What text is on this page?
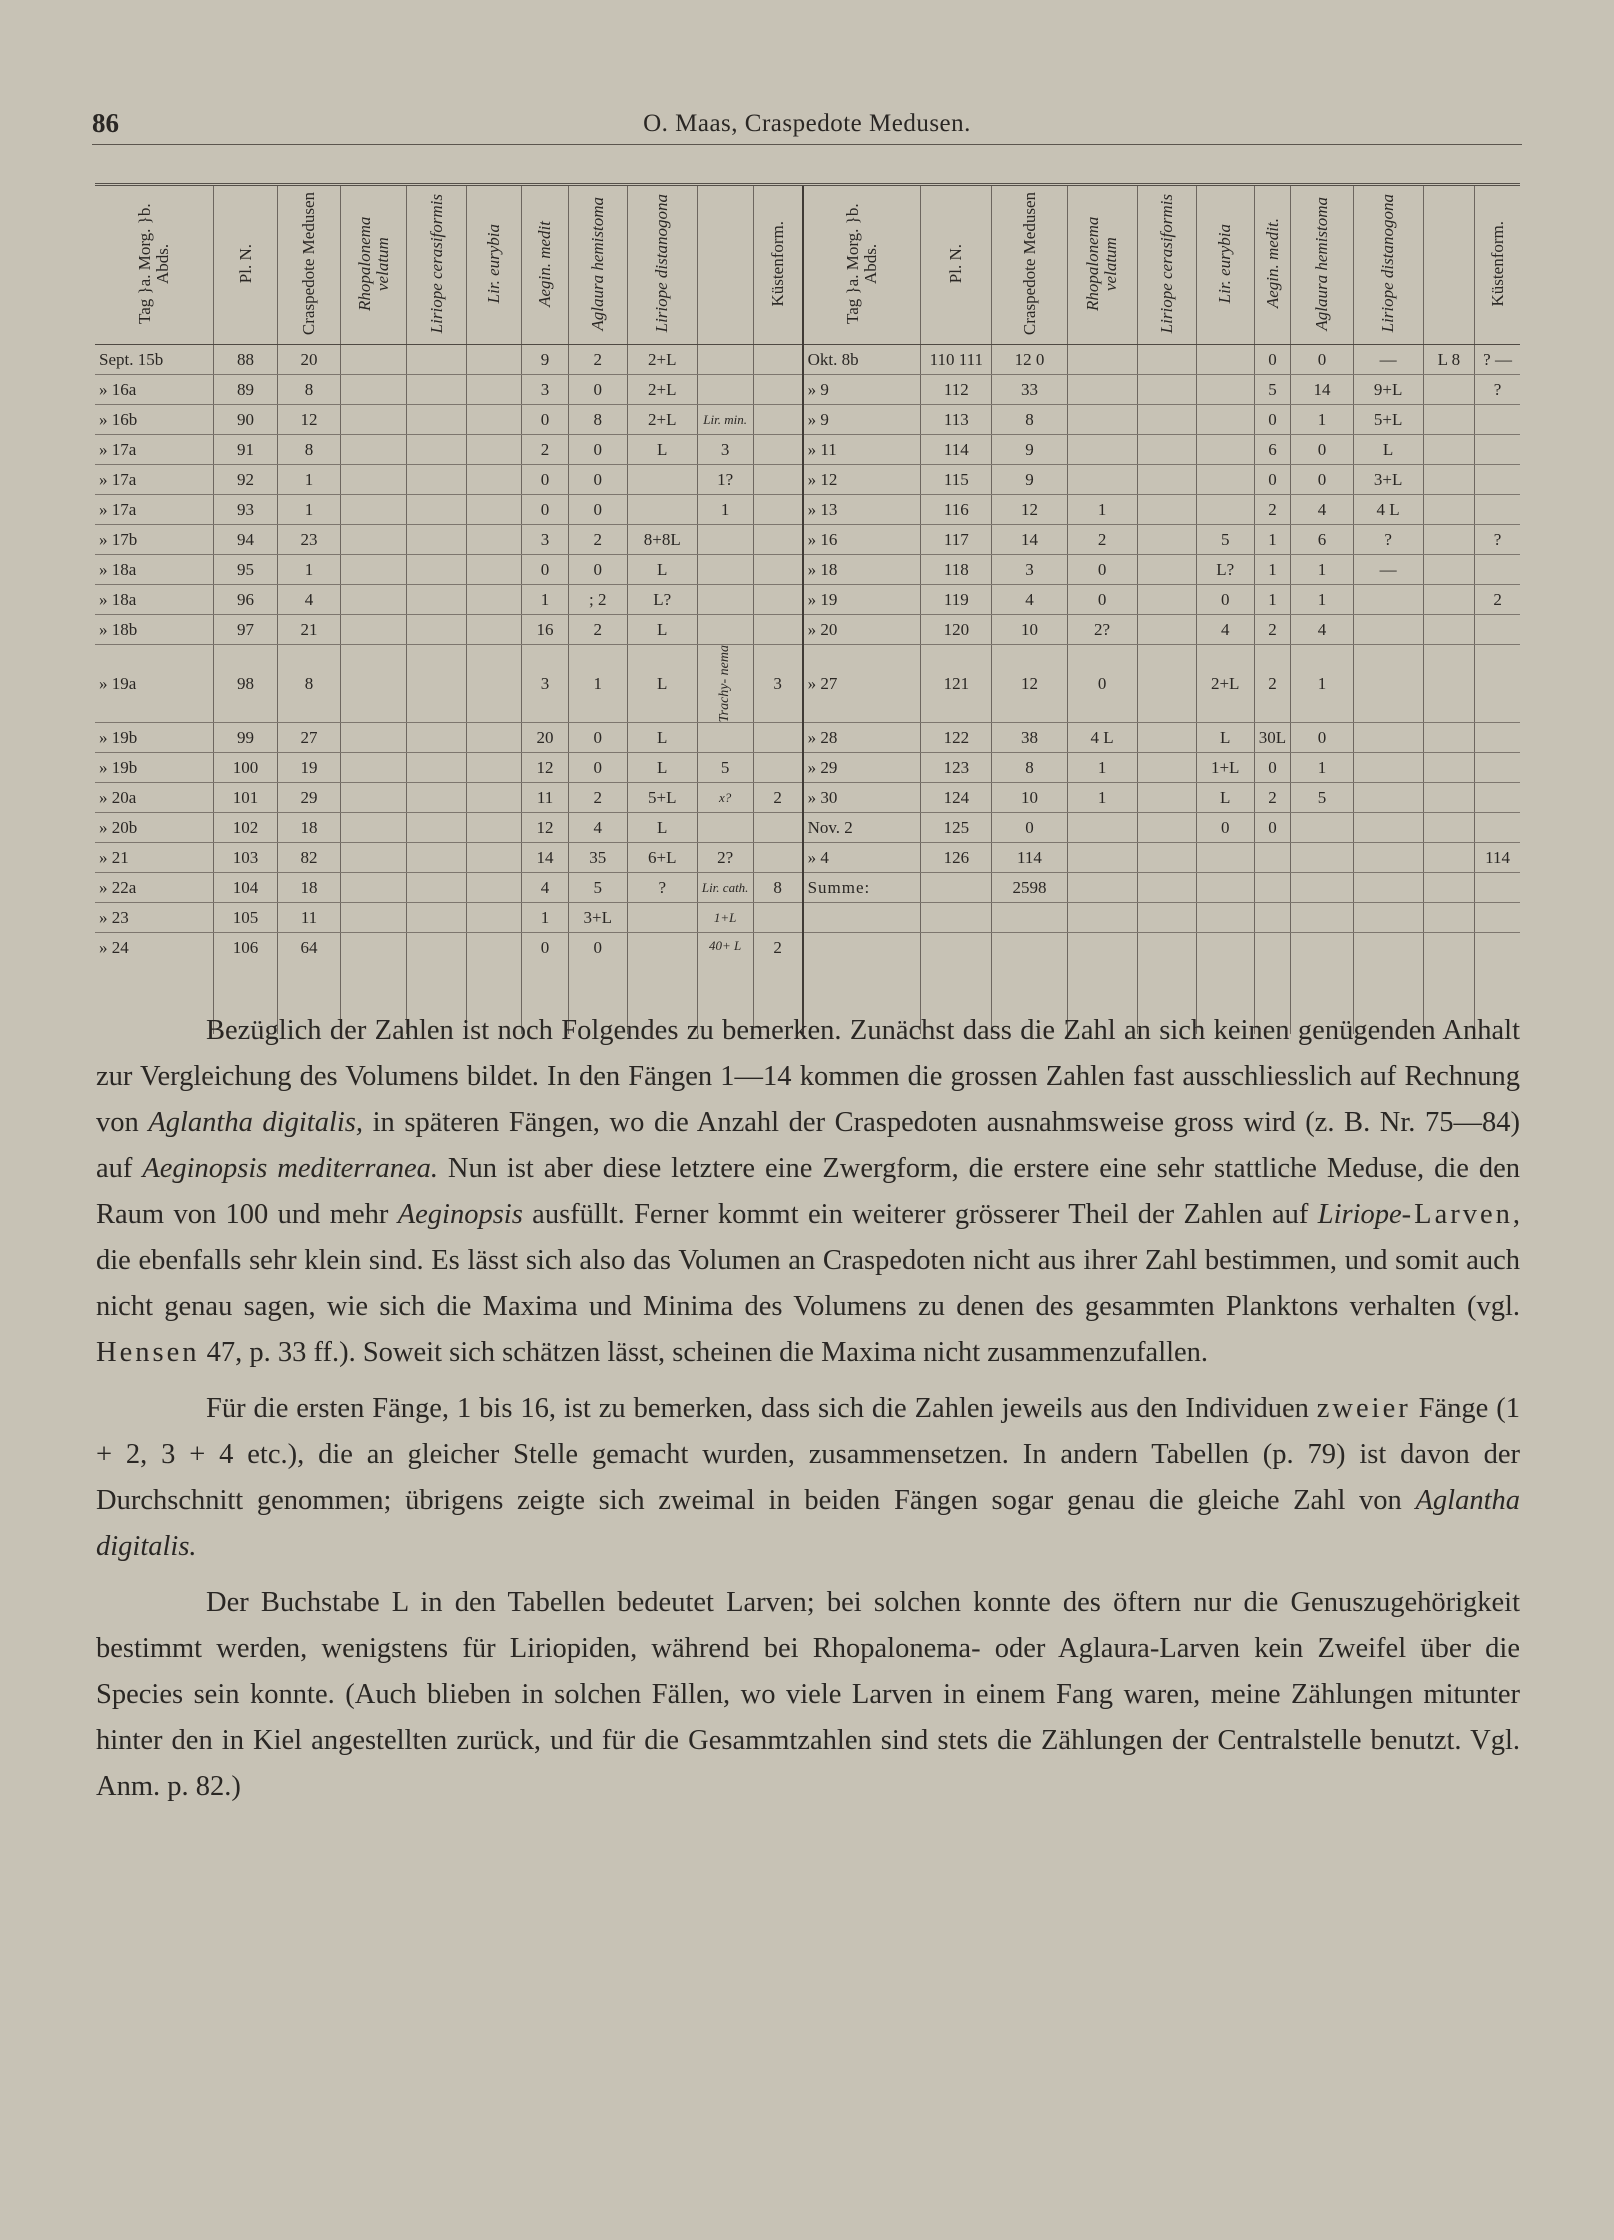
86	O. Maas, Craspedote Medusen.
Tag }a. Morg. }b. Abds.	Pl. N.	Craspedote Medusen	Rhopalonema velatum	Liriope cerasiformis	Lir. eurybia	Aegin. medit	Aglaura hemistoma	Liriope distanogona		Küstenform.	Tag }a. Morg. }b. Abds.	Pl. N.	Craspedote Medusen	Rhopalonema velatum	Liriope cerasiformis	Lir. eurybia	Aegin. medit.	Aglaura hemistoma	Liriope distanogona		Küstenform.
Sept. 15b	88	20				9	2	2+L			Okt. 8b	110 111	12 0				0	0	—	L 8	? —
» 16a	89	8				3	0	2+L			» 9	112	33				5	14	9+L		?
» 16b	90	12				0	8	2+L	Lir. min.		» 9	113	8				0	1	5+L		
» 17a	91	8				2	0	L	3		» 11	114	9				6	0	L		
» 17a	92	1				0	0		1?		» 12	115	9				0	0	3+L		
» 17a	93	1				0	0		1		» 13	116	12	1			2	4	4 L		
» 17b	94	23				3	2	8+8L			» 16	117	14	2		5	1	6	?		?
» 18a	95	1				0	0	L			» 18	118	3	0		L?	1	1	—		
» 18a	96	4				1	; 2	L?			» 19	119	4	0		0	1	1			2
» 18b	97	21				16	2	L			» 20	120	10	2?		4	2	4			
» 19a	98	8				3	1	L	Trachy- nema	3	» 27	121	12	0		2+L	2	1			
» 19b	99	27				20	0	L			» 28	122	38	4 L		L	30L	0			
» 19b	100	19				12	0	L	5		» 29	123	8	1		1+L	0	1			
» 20a	101	29				11	2	5+L	x?	2	» 30	124	10	1		L	2	5			
» 20b	102	18				12	4	L			Nov. 2	125	0			0	0				
» 21	103	82				14	35	6+L	2?		» 4	126	114								114
» 22a	104	18				4	5	?	Lir. cath.	8	Summe:		2598								
» 23	105	11				1	3+L		1+L												
» 24	106	64				0	0		40+ L	2											

Bezüglich der Zahlen ist noch Folgendes zu bemerken. Zunächst dass die Zahl an sich keinen genügenden Anhalt zur Vergleichung des Volumens bildet. In den Fängen 1—14 kommen die grossen Zahlen fast ausschliesslich auf Rechnung von Aglantha digitalis, in späteren Fängen, wo die Anzahl der Craspedoten ausnahmsweise gross wird (z. B. Nr. 75—84) auf Aeginopsis mediterranea. Nun ist aber diese letztere eine Zwergform, die erstere eine sehr stattliche Meduse, die den Raum von 100 und mehr Aeginopsis ausfüllt. Ferner kommt ein weiterer grösserer Theil der Zahlen auf Liriope-Larven, die ebenfalls sehr klein sind. Es lässt sich also das Volumen an Craspedoten nicht aus ihrer Zahl bestimmen, und somit auch nicht genau sagen, wie sich die Maxima und Minima des Volumens zu denen des gesammten Planktons verhalten (vgl. Hensen 47, p. 33 ff.). Soweit sich schätzen lässt, scheinen die Maxima nicht zusammenzufallen.

Für die ersten Fänge, 1 bis 16, ist zu bemerken, dass sich die Zahlen jeweils aus den Individuen zweier Fänge (1 + 2, 3 + 4 etc.), die an gleicher Stelle gemacht wurden, zusammensetzen. In andern Tabellen (p. 79) ist davon der Durchschnitt genommen; übrigens zeigte sich zweimal in beiden Fängen sogar genau die gleiche Zahl von Aglantha digitalis.

Der Buchstabe L in den Tabellen bedeutet Larven; bei solchen konnte des öftern nur die Genuszugehörigkeit bestimmt werden, wenigstens für Liriopiden, während bei Rhopalonema- oder Aglaura-Larven kein Zweifel über die Species sein konnte. (Auch blieben in solchen Fällen, wo viele Larven in einem Fang waren, meine Zählungen mitunter hinter den in Kiel angestellten zurück, und für die Gesammtzahlen sind stets die Zählungen der Centralstelle benutzt. Vgl. Anm. p. 82.)
